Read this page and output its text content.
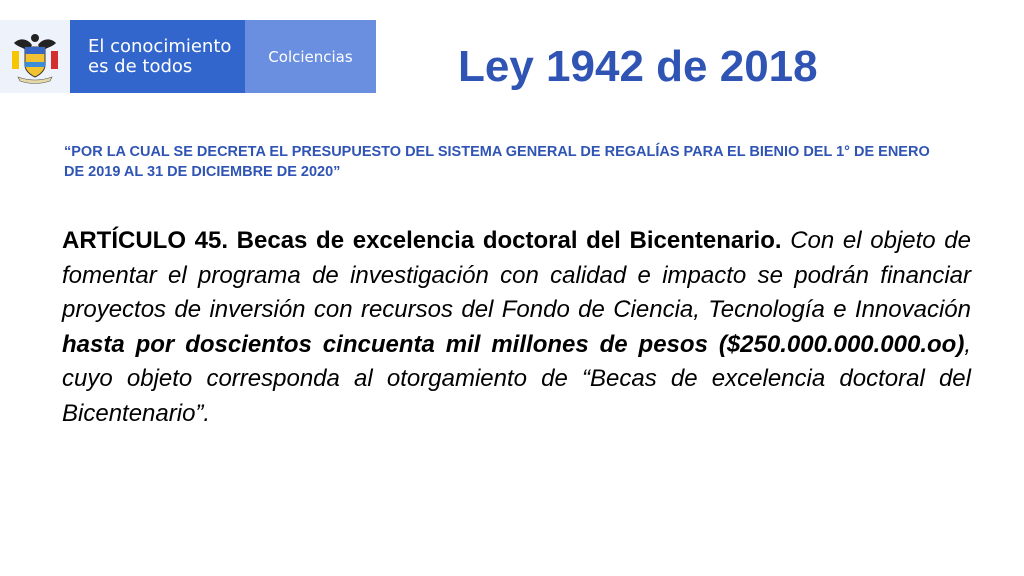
El conocimiento
es de todos	Colciencias Ley 1942 de 2018
“POR LA CUAL SE DECRETA EL PRESUPUESTO DEL SISTEMA GENERAL DE REGALÍAS PARA EL BIENIO DEL 1° DE ENERO DE 2019 AL 31 DE DICIEMBRE DE 2020”
ARTÍCULO 45. Becas de excelencia doctoral del Bicentenario. Con el objeto de fomentar el programa de investigación con calidad e impacto se podrán financiar proyectos de inversión con recursos del Fondo de Ciencia, Tecnología e Innovación hasta por doscientos cincuenta mil millones de pesos ($250.000.000.000.oo), cuyo objeto corresponda al otorgamiento de “Becas de excelencia doctoral del Bicentenario”.
